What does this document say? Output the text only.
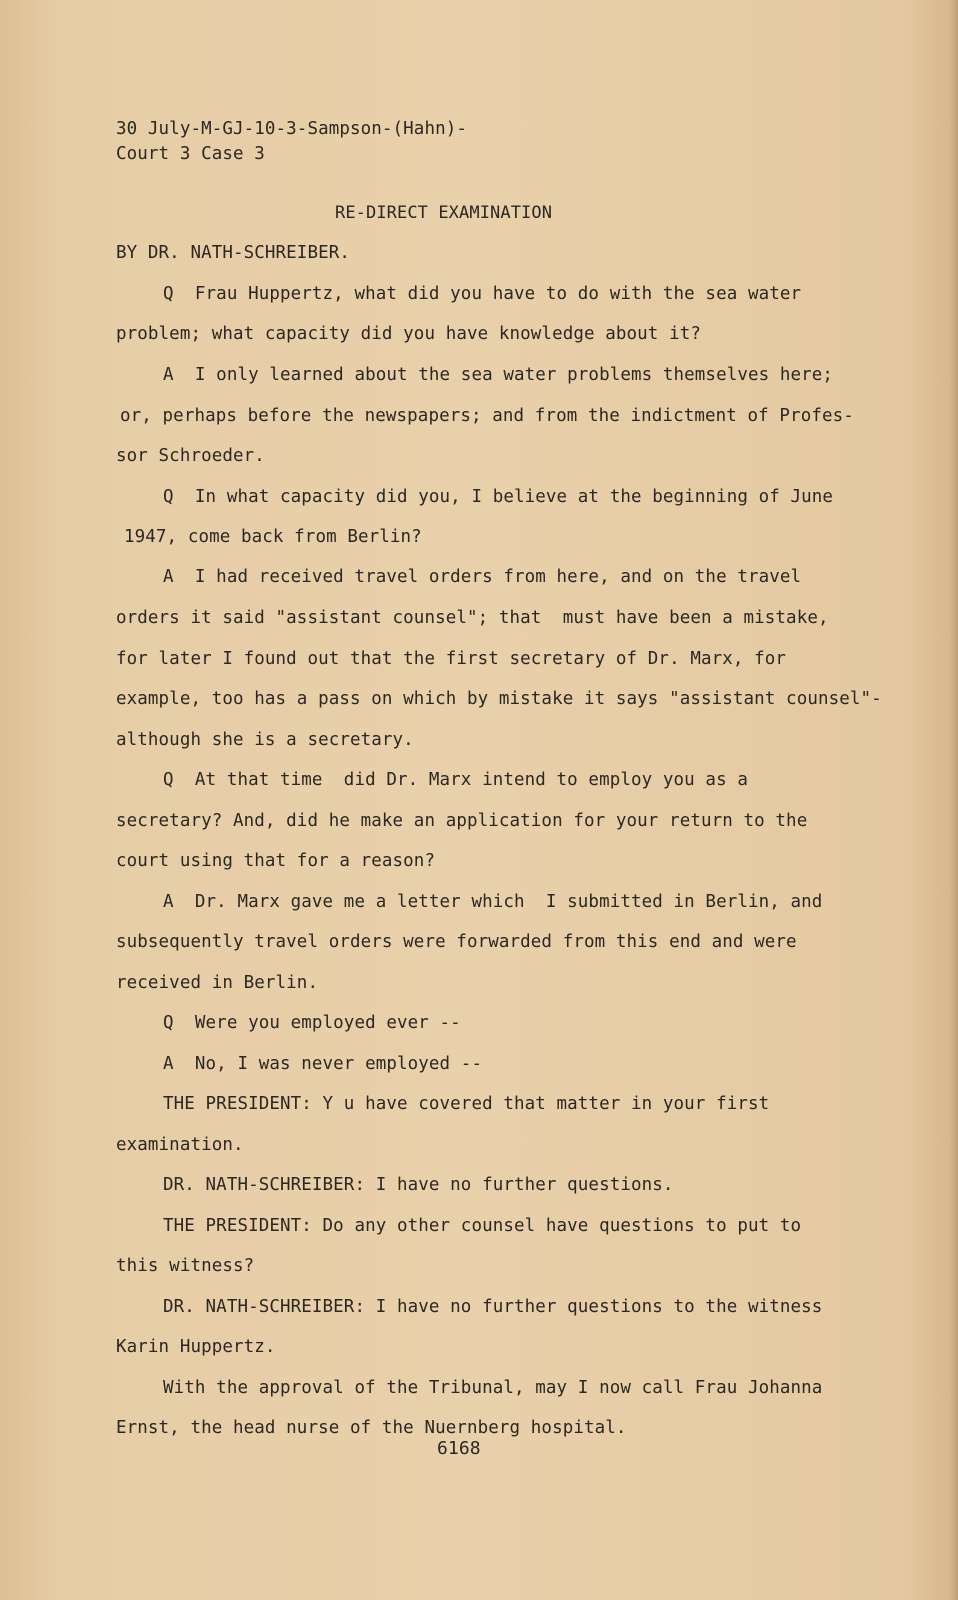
30 July-M-GJ-10-3-Sampson-(Hahn)-

Court 3 Case 3

RE-DIRECT EXAMINATION

BY DR. NATH-SCHREIBER.

Q  Frau Huppertz, what did you have to do with the sea water

problem; what capacity did you have knowledge about it?

A  I only learned about the sea water problems themselves here;

or, perhaps before the newspapers; and from the indictment of Profes-

sor Schroeder.

Q  In what capacity did you, I believe at the beginning of June

1947, come back from Berlin?

A  I had received travel orders from here, and on the travel

orders it said "assistant counsel"; that  must have been a mistake,

for later I found out that the first secretary of Dr. Marx, for

example, too has a pass on which by mistake it says "assistant counsel"-

although she is a secretary.

Q  At that time  did Dr. Marx intend to employ you as a

secretary? And, did he make an application for your return to the

court using that for a reason?

A  Dr. Marx gave me a letter which  I submitted in Berlin, and

subsequently travel orders were forwarded from this end and were

received in Berlin.

Q  Were you employed ever --

A  No, I was never employed --

THE PRESIDENT: Y u have covered that matter in your first

examination.

DR. NATH-SCHREIBER: I have no further questions.

THE PRESIDENT: Do any other counsel have questions to put to

this witness?

DR. NATH-SCHREIBER: I have no further questions to the witness

Karin Huppertz.

With the approval of the Tribunal, may I now call Frau Johanna

Ernst, the head nurse of the Nuernberg hospital.

6168
